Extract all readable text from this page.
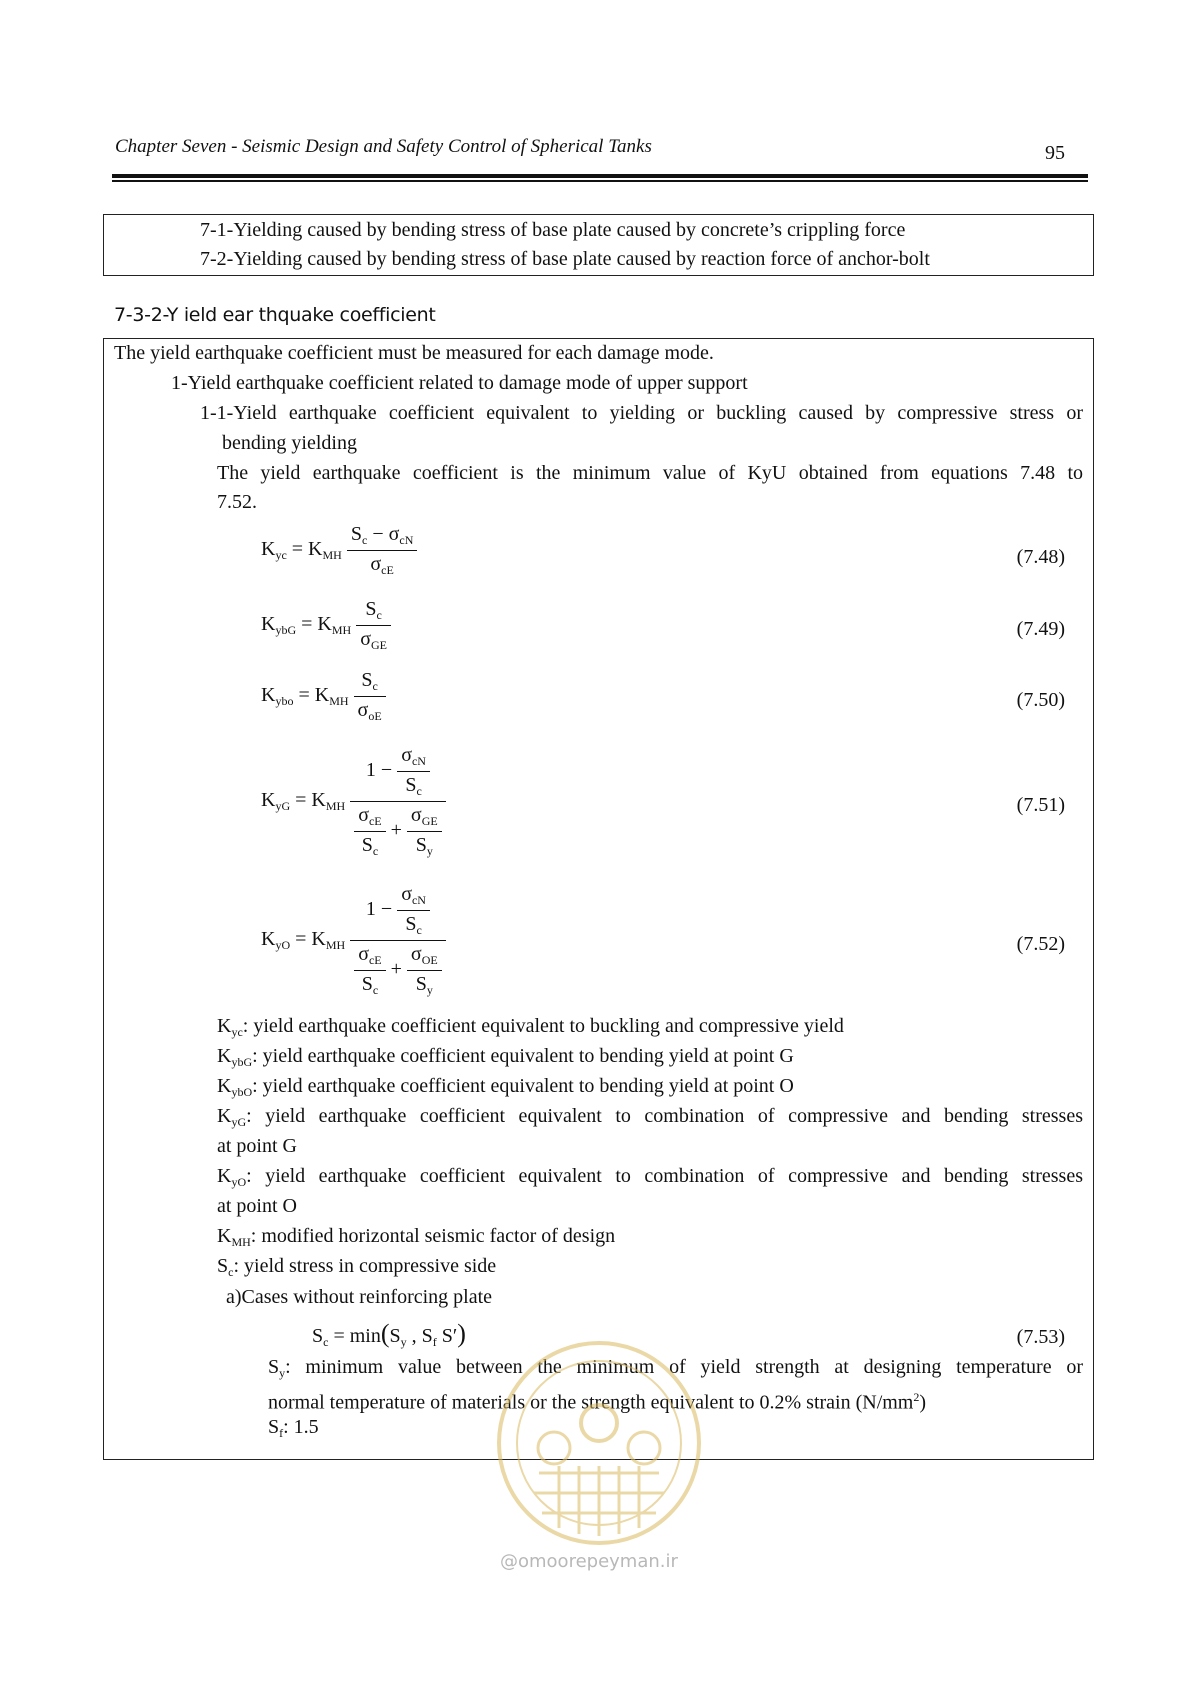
Chapter Seven - Seismic Design and Safety Control of Spherical Tanks	95
7-1-Yielding caused by bending stress of base plate caused by concrete’s crippling force
7-2-Yielding caused by bending stress of base plate caused by reaction force of anchor-bolt
7-3-2-Y ield ear thquake coefficient
The yield earthquake coefficient must be measured for each damage mode.
1-Yield earthquake coefficient related to damage mode of upper support
1-1-Yield earthquake coefficient equivalent to yielding or buckling caused by compressive stress or
bending yielding
The yield earthquake coefficient is the minimum value of KyU obtained from equations 7.48 to
7.52.
$K_{yc} = K_{MH} \frac{S_c - \sigma_{cN}}{\sigma_{cE}}$	(7.48)
$K_{ybG} = K_{MH} \frac{S_c}{\sigma_{GE}}$	(7.49)
$K_{ybo} = K_{MH} \frac{S_c}{\sigma_{oE}}$	(7.50)
$K_{yG} = K_{MH} \frac{1 - \frac{\sigma_{cN}}{S_c}}{\frac{\sigma_{cE}}{S_c} + \frac{\sigma_{GE}}{S_y}}$	(7.51)
$K_{yO} = K_{MH} \frac{1 - \frac{\sigma_{cN}}{S_c}}{\frac{\sigma_{cE}}{S_c} + \frac{\sigma_{OE}}{S_y}}$	(7.52)
$K_{yc}$: yield earthquake coefficient equivalent to buckling and compressive yield
$K_{ybG}$: yield earthquake coefficient equivalent to bending yield at point G
$K_{ybO}$: yield earthquake coefficient equivalent to bending yield at point O
$K_{yG}$: yield earthquake coefficient equivalent to combination of compressive and bending stresses
at point G
$K_{yO}$: yield earthquake coefficient equivalent to combination of compressive and bending stresses
at point O
$K_{MH}$: modified horizontal seismic factor of design
$S_c$: yield stress in compressive side
a)Cases without reinforcing plate
$S_c = \min(S_y$ , $S_f$ S′)	(7.53)
$S_y$: minimum value between the minimum of yield strength at designing temperature or
normal temperature of materials or the strength equivalent to 0.2% strain $(N/mm^2)$
$S_f$: 1.5
@omoorepeyman.ir
